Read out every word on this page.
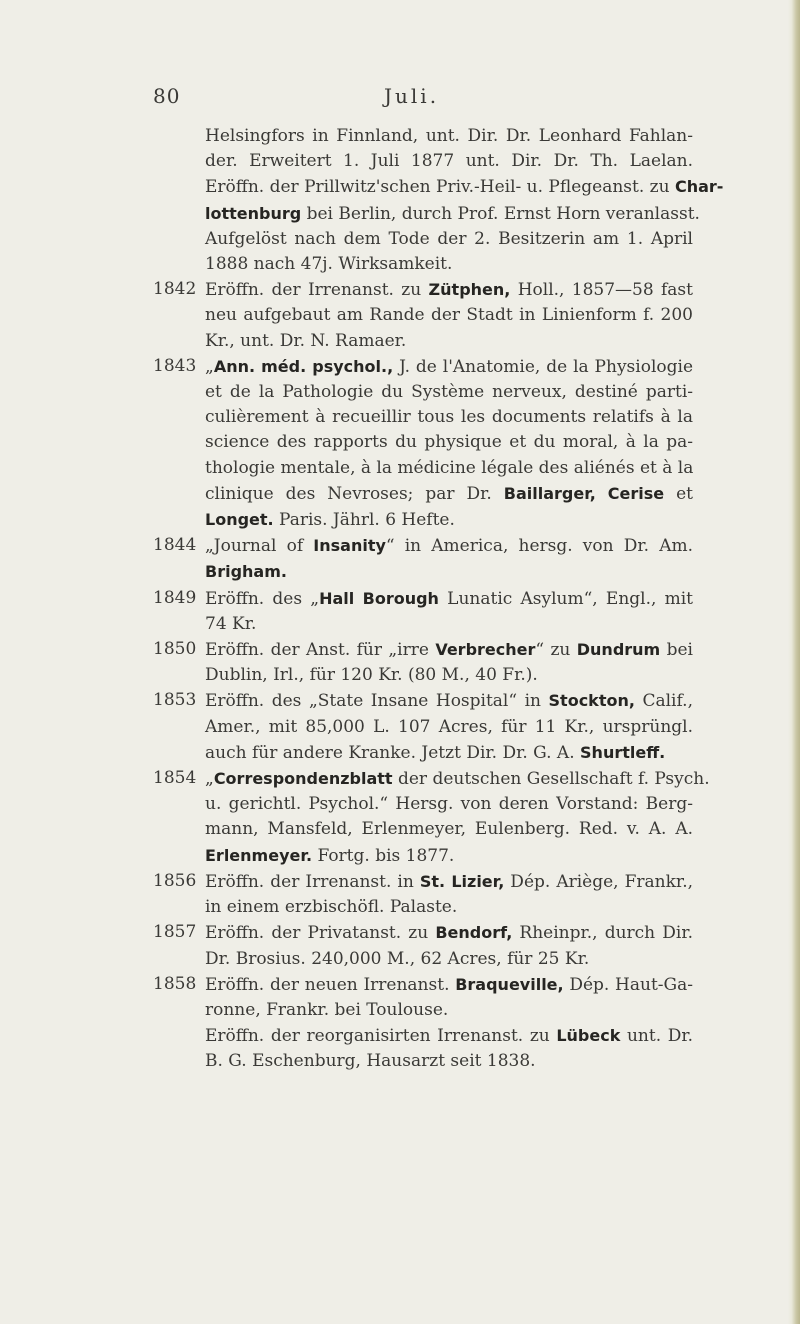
80	Juli.
Helsingfors in Finnland, unt. Dir. Dr. Leonhard Fahlan-
der. Erweitert 1. Juli 1877 unt. Dir. Dr. Th. Laelan.
Eröffn. der Prillwitz'schen Priv.-Heil- u. Pflegeanst. zu Char-
lottenburg bei Berlin, durch Prof. Ernst Horn veranlasst.
Aufgelöst nach dem Tode der 2. Besitzerin am 1. April
1888 nach 47j. Wirksamkeit.
1842 Eröffn. der Irrenanst. zu Zütphen, Holl., 1857—58 fast
neu aufgebaut am Rande der Stadt in Linienform f. 200
Kr., unt. Dr. N. Ramaer.
1843 „Ann. méd. psychol., J. de l'Anatomie, de la Physiologie
et de la Pathologie du Système nerveux, destiné parti-
culièrement à recueillir tous les documents relatifs à la
science des rapports du physique et du moral, à la pa-
thologie mentale, à la médicine légale des aliénés et à la
clinique des Nevroses; par Dr. Baillarger, Cerise et
Longet. Paris. Jährl. 6 Hefte.
1844 „Journal of Insanity“ in America, hersg. von Dr. Am.
Brigham.
1849 Eröffn. des „Hall Borough Lunatic Asylum“, Engl., mit
74 Kr.
1850 Eröffn. der Anst. für „irre Verbrecher“ zu Dundrum bei
Dublin, Irl., für 120 Kr. (80 M., 40 Fr.).
1853 Eröffn. des „State Insane Hospital“ in Stockton, Calif.,
Amer., mit 85,000 L. 107 Acres, für 11 Kr., ursprüngl.
auch für andere Kranke. Jetzt Dir. Dr. G. A. Shurtleff.
1854 „Correspondenzblatt der deutschen Gesellschaft f. Psych.
u. gerichtl. Psychol.“ Hersg. von deren Vorstand: Berg-
mann, Mansfeld, Erlenmeyer, Eulenberg. Red. v. A. A.
Erlenmeyer. Fortg. bis 1877.
1856 Eröffn. der Irrenanst. in St. Lizier, Dép. Ariège, Frankr.,
in einem erzbischöfl. Palaste.
1857 Eröffn. der Privatanst. zu Bendorf, Rheinpr., durch Dir.
Dr. Brosius. 240,000 M., 62 Acres, für 25 Kr.
1858 Eröffn. der neuen Irrenanst. Braqueville, Dép. Haut-Ga-
ronne, Frankr. bei Toulouse.
Eröffn. der reorganisirten Irrenanst. zu Lübeck unt. Dr.
B. G. Eschenburg, Hausarzt seit 1838.
